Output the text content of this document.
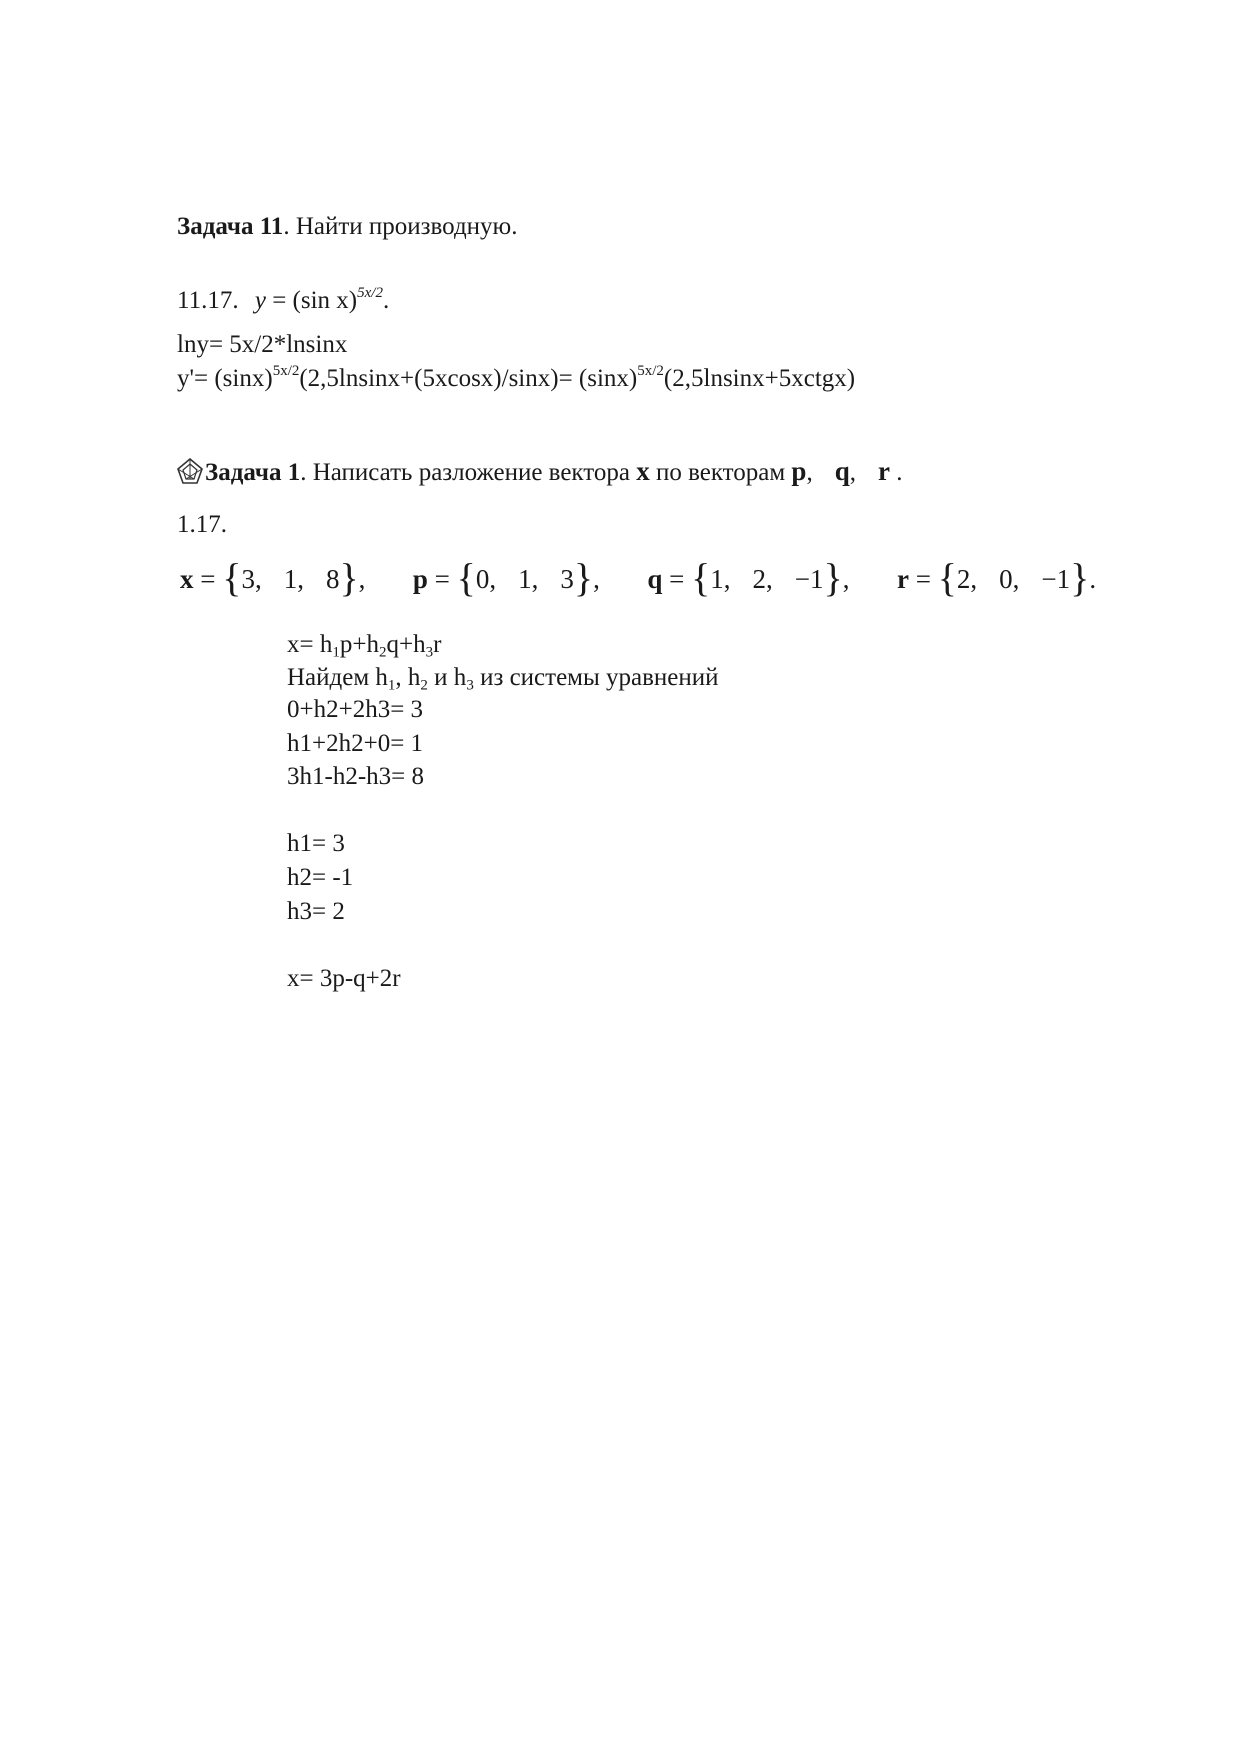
Задача 11. Найти производную.
11.17. y = (sin x)$^{5x/2}$.
lny= 5x/2*lnsinx
$y'= (\sin x)^{5x/2}(2,5lnsinx+(5xcosx)/\sin x)=$ $(\sin x)^{5x/2}(2,5lnsinx+5xctgx)$
Задача 1. Написать разложение вектора x по векторам p, q, r .
1.17.
x = {3, 1, 8}, p = {0, 1, 3}, q = {1, 2, −1}, r = {2, 0, −1}.
$x= h_1p+h_2q+h_3r$
Найдем $h_1$, $h_2$ и $h_3$ из системы уравнений
0+h2+2h3= 3
h1+2h2+0= 1
3h1-h2-h3= 8
h1= 3
h2= -1
h3= 2
x= 3p-q+2r
